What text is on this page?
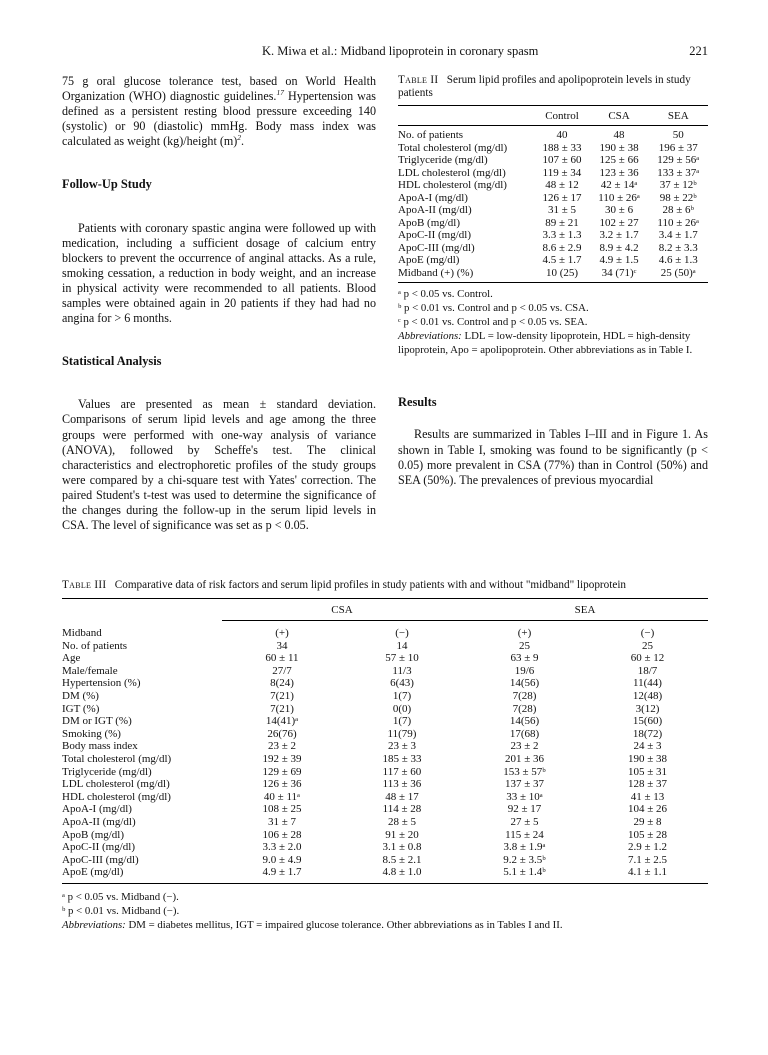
K. Miwa et al.: Midband lipoprotein in coronary spasm	221

75 g oral glucose tolerance test, based on World Health Organization (WHO) diagnostic guidelines.$^{17}$ Hypertension was defined as a persistent resting blood pressure exceeding 140 (systolic) or 90 (diastolic) mmHg. Body mass index was calculated as weight (kg)/height $(m)^2$.

Follow-Up Study

Patients with coronary spastic angina were followed up with medication, including a sufficient dosage of calcium entry blockers to prevent the occurrence of anginal attacks. As a rule, smoking cessation, a reduction in body weight, and an increase in physical activity were recommended to all patients. Blood samples were obtained again in 20 patients if they had had no angina for > 6 months.

Statistical Analysis

Values are presented as mean ± standard deviation. Comparisons of serum lipid levels and age among the three groups were performed with one-way analysis of variance (ANOVA), followed by Scheffe's test. The clinical characteristics and electrophoretic profiles of the study groups were compared by a chi-square test with Yates' correction. The paired Student's t-test was used to determine the significance of the changes during the follow-up in the serum lipid levels in CSA. The level of significance was set as p < 0.05.

Table II Serum lipid profiles and apolipoprotein levels in study patients
	Control	CSA	SEA
No. of patients	40	48	50
Total cholesterol (mg/dl)	188 ± 33	190 ± 38	196 ± 37
Triglyceride (mg/dl)	107 ± 60	125 ± 66	129 ± 56ᵃ
LDL cholesterol (mg/dl)	119 ± 34	123 ± 36	133 ± 37ᵃ
HDL cholesterol (mg/dl)	48 ± 12	42 ± 14ᵃ	37 ± 12ᵇ
ApoA-I (mg/dl)	126 ± 17	110 ± 26ᵃ	98 ± 22ᵇ
ApoA-II (mg/dl)	31 ± 5	30 ± 6	28 ± 6ᵇ
ApoB (mg/dl)	89 ± 21	102 ± 27	110 ± 26ᵃ
ApoC-II (mg/dl)	3.3 ± 1.3	3.2 ± 1.7	3.4 ± 1.7
ApoC-III (mg/dl)	8.6 ± 2.9	8.9 ± 4.2	8.2 ± 3.3
ApoE (mg/dl)	4.5 ± 1.7	4.9 ± 1.5	4.6 ± 1.3
Midband (+) (%)	10 (25)	34 (71)ᶜ	25 (50)ᵃ
ᵃ p < 0.05 vs. Control.
ᵇ p < 0.01 vs. Control and p < 0.05 vs. CSA.
ᶜ p < 0.01 vs. Control and p < 0.05 vs. SEA.
Abbreviations: LDL = low-density lipoprotein, HDL = high-density lipoprotein, Apo = apolipoprotein. Other abbreviations as in Table I.
Results

Results are summarized in Tables I–III and in Figure 1. As shown in Table I, smoking was found to be significantly (p < 0.05) more prevalent in CSA (77%) than in Control (50%) and SEA (50%). The prevalences of previous myocardial

Table III Comparative data of risk factors and serum lipid profiles in study patients with and without "midband" lipoprotein
	CSA		SEA	
Midband	(+)	(−)	(+)	(−)
No. of patients	34	14	25	25
Age	60 ± 11	57 ± 10	63 ± 9	60 ± 12
Male/female	27/7	11/3	19/6	18/7
Hypertension (%)	8(24)	6(43)	14(56)	11(44)
DM (%)	7(21)	1(7)	7(28)	12(48)
IGT (%)	7(21)	0(0)	7(28)	3(12)
DM or IGT (%)	14(41)ᵃ	1(7)	14(56)	15(60)
Smoking (%)	26(76)	11(79)	17(68)	18(72)
Body mass index	23 ± 2	23 ± 3	23 ± 2	24 ± 3
Total cholesterol (mg/dl)	192 ± 39	185 ± 33	201 ± 36	190 ± 38
Triglyceride (mg/dl)	129 ± 69	117 ± 60	153 ± 57ᵇ	105 ± 31
LDL cholesterol (mg/dl)	126 ± 36	113 ± 36	137 ± 37	128 ± 37
HDL cholesterol (mg/dl)	40 ± 11ᵃ	48 ± 17	33 ± 10ᵃ	41 ± 13
ApoA-I (mg/dl)	108 ± 25	114 ± 28	92 ± 17	104 ± 26
ApoA-II (mg/dl)	31 ± 7	28 ± 5	27 ± 5	29 ± 8
ApoB (mg/dl)	106 ± 28	91 ± 20	115 ± 24	105 ± 28
ApoC-II (mg/dl)	3.3 ± 2.0	3.1 ± 0.8	3.8 ± 1.9ᵃ	2.9 ± 1.2
ApoC-III (mg/dl)	9.0 ± 4.9	8.5 ± 2.1	9.2 ± 3.5ᵇ	7.1 ± 2.5
ApoE (mg/dl)	4.9 ± 1.7	4.8 ± 1.0	5.1 ± 1.4ᵇ	4.1 ± 1.1
ᵃ p < 0.05 vs. Midband (−).
ᵇ p < 0.01 vs. Midband (−).
Abbreviations: DM = diabetes mellitus, IGT = impaired glucose tolerance. Other abbreviations as in Tables I and II.
